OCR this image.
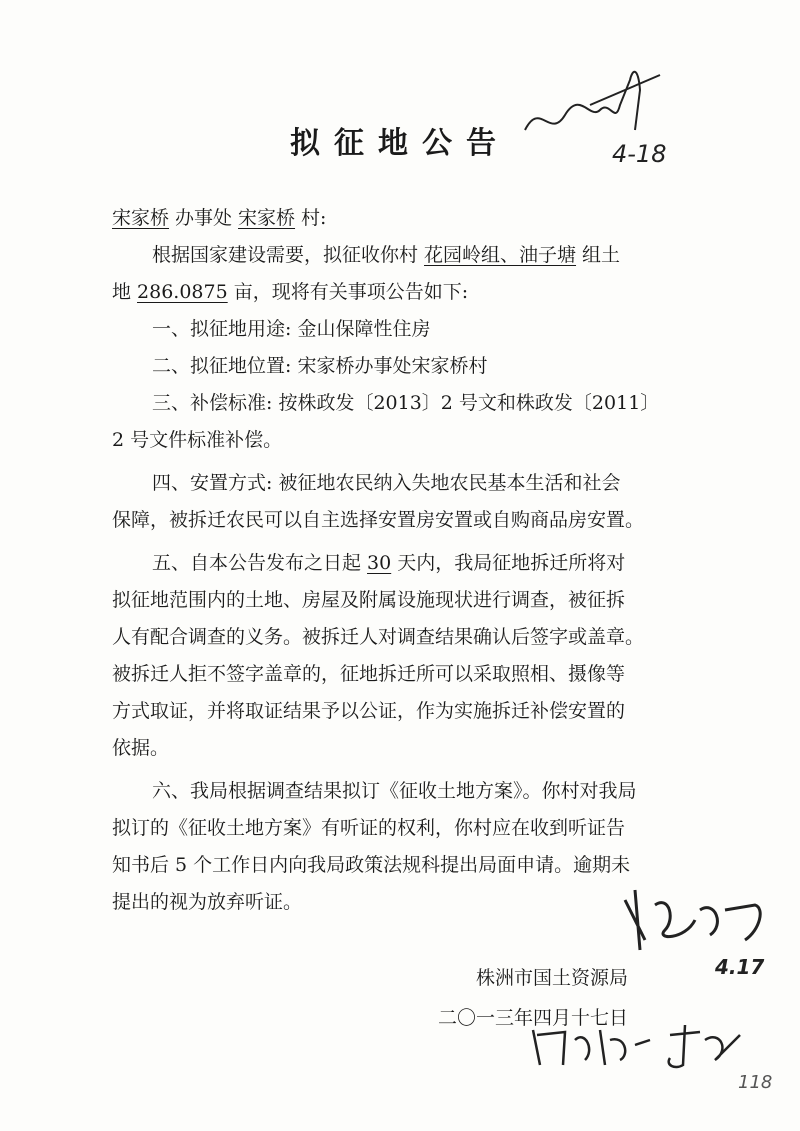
拟征地公告	4-18
宋家桥 办事处 宋家桥 村:
根据国家建设需要，拟征收你村 花园岭组、油子塘 组土
地 286.0875 亩，现将有关事项公告如下:
一、拟征地用途: 金山保障性住房
二、拟征地位置: 宋家桥办事处宋家桥村
三、补偿标准: 按株政发〔2013〕2 号文和株政发〔2011〕
2 号文件标准补偿。
四、安置方式: 被征地农民纳入失地农民基本生活和社会
保障，被拆迁农民可以自主选择安置房安置或自购商品房安置。
五、自本公告发布之日起 30 天内，我局征地拆迁所将对
拟征地范围内的土地、房屋及附属设施现状进行调查，被征拆
人有配合调查的义务。被拆迁人对调查结果确认后签字或盖章。
被拆迁人拒不签字盖章的，征地拆迁所可以采取照相、摄像等
方式取证，并将取证结果予以公证，作为实施拆迁补偿安置的
依据。
六、我局根据调查结果拟订《征收土地方案》。你村对我局
拟订的《征收土地方案》有听证的权利，你村应在收到听证告
知书后 5 个工作日内向我局政策法规科提出局面申请。逾期未
提出的视为放弃听证。
4.17
株洲市国土资源局
二〇一三年四月十七日
118
